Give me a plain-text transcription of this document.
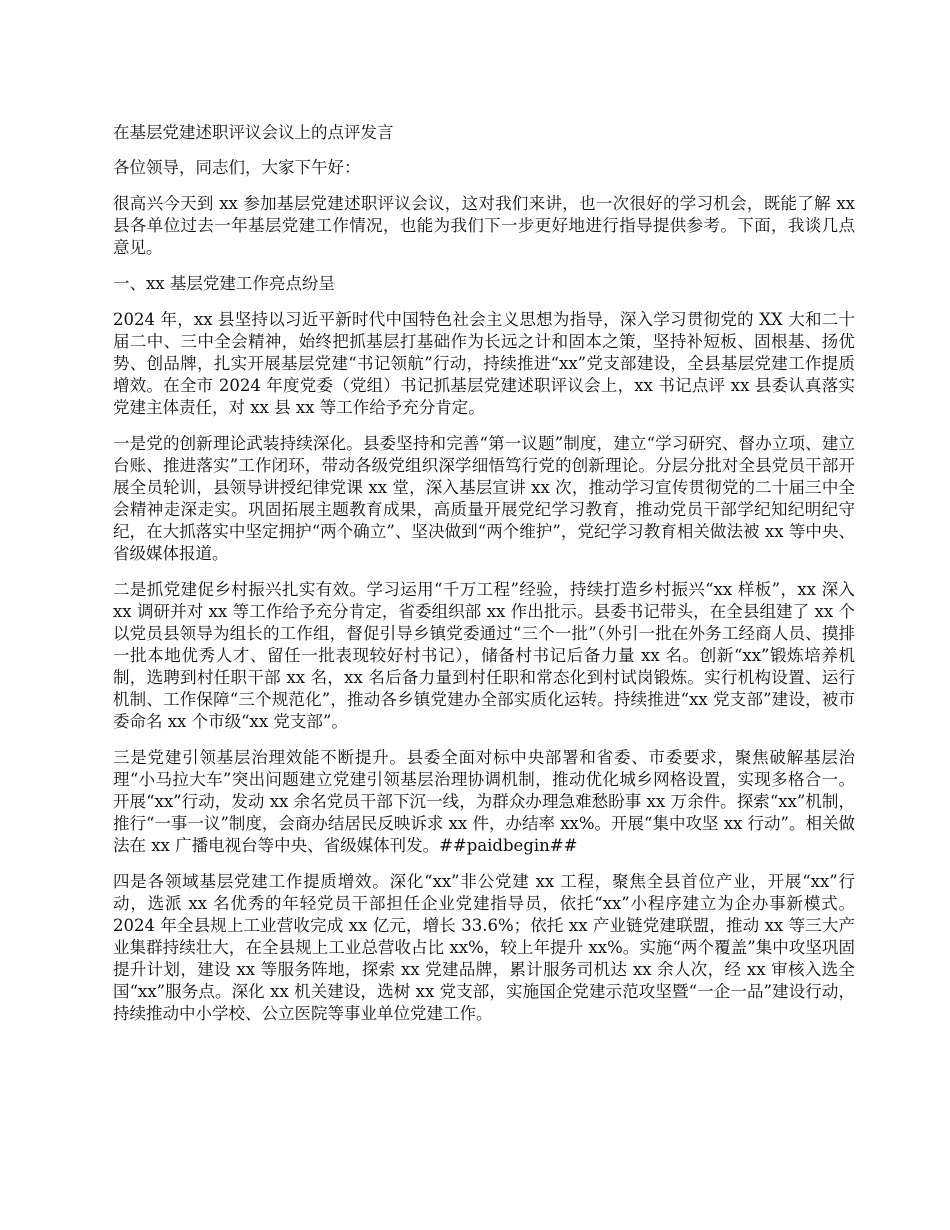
在基层党建述职评议会议上的点评发言

各位领导，同志们，大家下午好：

很高兴今天到 xx 参加基层党建述职评议会议，这对我们来讲，也一次很好的学习机会，既能了解 xx 县各单位过去一年基层党建工作情况，也能为我们下一步更好地进行指导提供参考。下面，我谈几点意见。

一、xx 基层党建工作亮点纷呈

2024 年，xx 县坚持以习近平新时代中国特色社会主义思想为指导，深入学习贯彻党的 XX 大和二十届二中、三中全会精神，始终把抓基层打基础作为长远之计和固本之策，坚持补短板、固根基、扬优势、创品牌，扎实开展基层党建“书记领航”行动，持续推进“xx”党支部建设，全县基层党建工作提质增效。在全市 2024 年度党委（党组）书记抓基层党建述职评议会上，xx 书记点评 xx 县委认真落实党建主体责任，对 xx 县 xx 等工作给予充分肯定。

一是党的创新理论武装持续深化。县委坚持和完善“第一议题”制度，建立“学习研究、督办立项、建立台账、推进落实”工作闭环，带动各级党组织深学细悟笃行党的创新理论。分层分批对全县党员干部开展全员轮训，县领导讲授纪律党课 xx 堂，深入基层宣讲 xx 次，推动学习宣传贯彻党的二十届三中全会精神走深走实。巩固拓展主题教育成果，高质量开展党纪学习教育，推动党员干部学纪知纪明纪守纪，在大抓落实中坚定拥护“两个确立”、坚决做到“两个维护”，党纪学习教育相关做法被 xx 等中央、省级媒体报道。

二是抓党建促乡村振兴扎实有效。学习运用“千万工程”经验，持续打造乡村振兴“xx 样板”，xx 深入 xx 调研并对 xx 等工作给予充分肯定，省委组织部 xx 作出批示。县委书记带头，在全县组建了 xx 个以党员县领导为组长的工作组，督促引导乡镇党委通过“三个一批”（外引一批在外务工经商人员、摸排一批本地优秀人才、留任一批表现较好村书记），储备村书记后备力量 xx 名。创新“xx”锻炼培养机制，选聘到村任职干部 xx 名，xx 名后备力量到村任职和常态化到村试岗锻炼。实行机构设置、运行机制、工作保障“三个规范化”，推动各乡镇党建办全部实质化运转。持续推进“xx 党支部”建设，被市委命名 xx 个市级“xx 党支部”。

三是党建引领基层治理效能不断提升。县委全面对标中央部署和省委、市委要求，聚焦破解基层治理“小马拉大车”突出问题建立党建引领基层治理协调机制，推动优化城乡网格设置，实现多格合一。开展“xx”行动，发动 xx 余名党员干部下沉一线，为群众办理急难愁盼事 xx 万余件。探索“xx”机制，推行“一事一议”制度，会商办结居民反映诉求 xx 件，办结率 xx%。开展“集中攻坚 xx 行动”。相关做法在 xx 广播电视台等中央、省级媒体刊发。##paidbegin##

四是各领域基层党建工作提质增效。深化“xx”非公党建 xx 工程，聚焦全县首位产业，开展“xx”行动，选派 xx 名优秀的年轻党员干部担任企业党建指导员，依托“xx”小程序建立为企办事新模式。2024 年全县规上工业营收完成 xx 亿元，增长 33.6%；依托 xx 产业链党建联盟，推动 xx 等三大产业集群持续壮大，在全县规上工业总营收占比 xx%，较上年提升 xx%。实施“两个覆盖”集中攻坚巩固提升计划，建设 xx 等服务阵地，探索 xx 党建品牌，累计服务司机达 xx 余人次，经 xx 审核入选全国“xx”服务点。深化 xx 机关建设，选树 xx 党支部，实施国企党建示范攻坚暨“一企一品”建设行动，持续推动中小学校、公立医院等事业单位党建工作。
